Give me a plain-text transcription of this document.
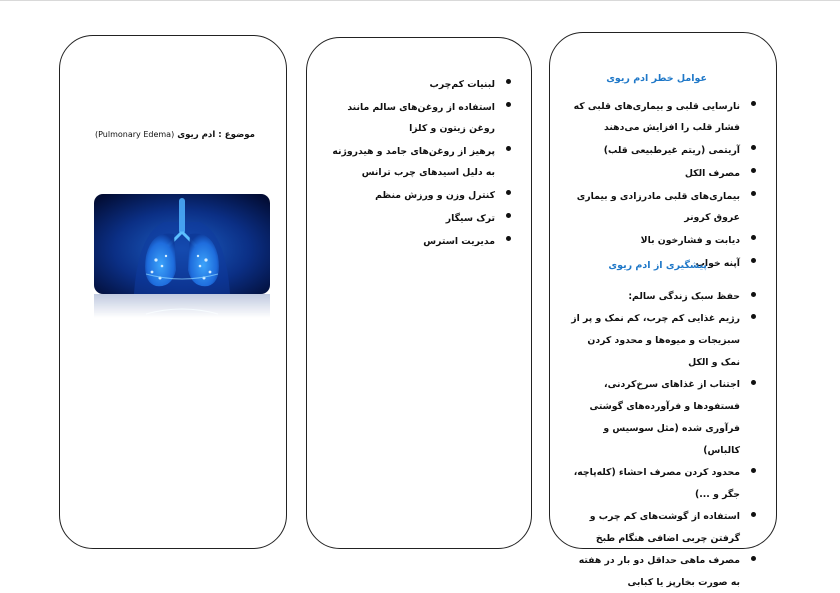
موضوع : ادم ریوی (Pulmonary Edema)
لبنیات کم‌چرب
استفاده از روغن‌های سالم مانند روغن زیتون و کلزا
پرهیز از روغن‌های جامد و هیدروژنه به دلیل اسیدهای چرب ترانس
کنترل وزن و ورزش منظم
ترک سیگار
مدیریت استرس
عوامل خطر ادم ریوی
نارسایی قلبی و بیماری‌های قلبی که فشار قلب را افزایش می‌دهند
آریتمی (ریتم غیرطبیعی قلب)
مصرف الکل
بیماری‌های قلبی مادرزادی و بیماری عروق کرونر
دیابت و فشارخون بالا
آپنه خواب
پیشگیری از ادم ریوی
حفظ سبک زندگی سالم:
رژیم غذایی کم چرب، کم نمک و پر از سبزیجات و میوه‌ها و محدود کردن نمک و الکل
اجتناب از غذاهای سرخ‌کردنی، فستفودها و فرآورده‌های گوشتی فرآوری شده (مثل سوسیس و کالباس)
محدود کردن مصرف احشاء (کله‌پاچه، جگر و ...)
استفاده از گوشت‌های کم چرب و گرفتن چربی اضافی هنگام طبخ
مصرف ماهی حداقل دو بار در هفته به صورت بخارپز یا کبابی
